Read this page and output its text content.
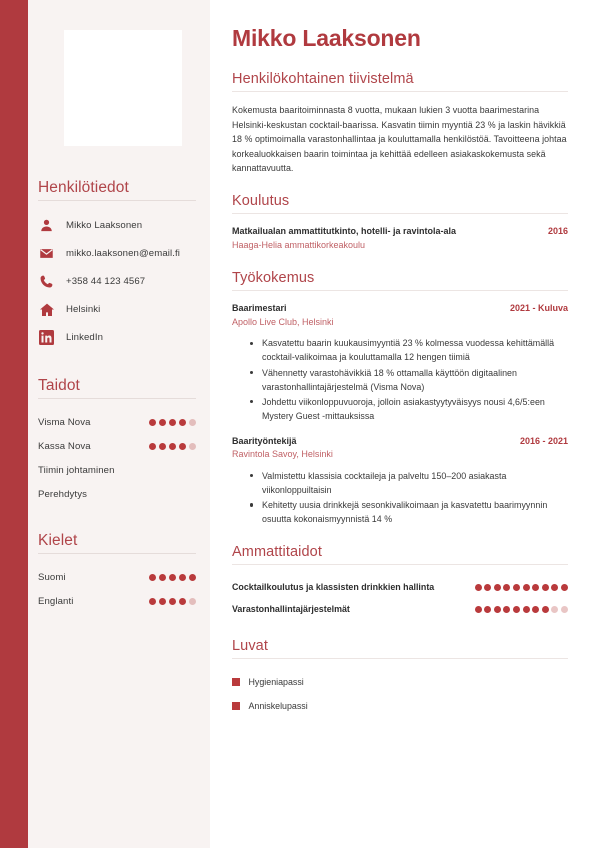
Henkilötiedot
Mikko Laaksonen
mikko.laaksonen@email.fi
+358 44 123 4567
Helsinki
LinkedIn
Taidot
Visma Nova
Kassa Nova
Tiimin johtaminen
Perehdytys
Kielet
Suomi
Englanti
Mikko Laaksonen
Henkilökohtainen tiivistelmä

Kokemusta baaritoiminnasta 8 vuotta, mukaan lukien 3 vuotta baarimestarina Helsinki-keskustan cocktail-baarissa. Kasvatin tiimin myyntiä 23 % ja laskin hävikkiä 18 % optimoimalla varastonhallintaa ja kouluttamalla henkilöstöä. Tavoitteena johtaa korkealuokkaisen baarin toimintaa ja kehittää edelleen asiakaskokemusta sekä kannattavuutta.

Koulutus
Matkailualan ammattitutkinto, hotelli- ja ravintola-ala	2016
Haaga-Helia ammattikorkeakoulu
Työkokemus
Baarimestari	2021 - Kuluva
Apollo Live Club, Helsinki
Kasvatettu baarin kuukausimyyntiä 23 % kolmessa vuodessa kehittämällä cocktail-valikoimaa ja kouluttamalla 12 hengen tiimiä
Vähennetty varastohävikkiä 18 % ottamalla käyttöön digitaalinen varastonhallintajärjestelmä (Visma Nova)
Johdettu viikonloppuvuoroja, jolloin asiakastyytyväisyys nousi 4,6/5:een Mystery Guest -mittauksissa
Baarityöntekijä	2016 - 2021
Ravintola Savoy, Helsinki
Valmistettu klassisia cocktaileja ja palveltu 150–200 asiakasta viikonloppuiltaisin
Kehitetty uusia drinkkejä sesonkivalikoimaan ja kasvatettu baarimyynnin osuutta kokonaismyynnistä 14 %
Ammattitaidot
Cocktailkoulutus ja klassisten drinkkien hallinta
Varastonhallintajärjestelmät
Luvat
Hygieniapassi
Anniskelupassi
